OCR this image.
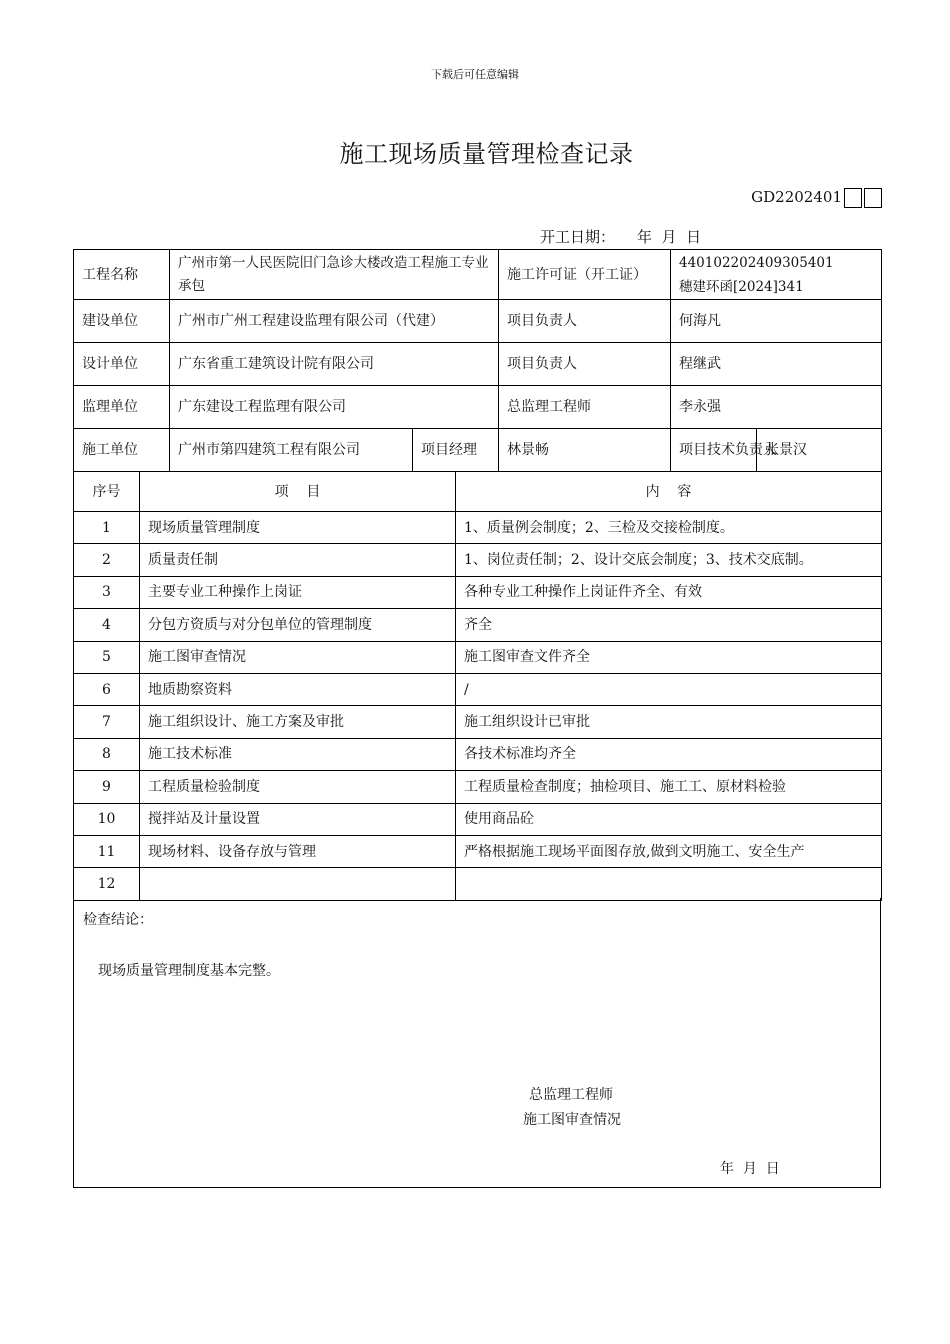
下载后可任意编辑
施工现场质量管理检查记录
GD2202401
开工日期： 年  月  日
工程名称	广州市第一人民医院旧门急诊大楼改造工程施工专业承包		施工许可证（开工证）	440102202409305401
穗建环函[2024]341	

建设单位	广州市广州工程建设监理有限公司（代建）		项目负责人	何海凡	
设计单位	广东省重工建筑设计院有限公司		项目负责人	程继武	
监理单位	广东建设工程监理有限公司		总监理工程师	李永强	
施工单位	广州市第四建筑工程有限公司	项目经理	林景畅	项目技术负责人	张景汉
序号	项    目	内    容
1	现场质量管理制度	1、质量例会制度；2、三检及交接检制度。
2	质量责任制	1、岗位责任制；2、设计交底会制度；3、技术交底制。
3	主要专业工种操作上岗证	各种专业工种操作上岗证件齐全、有效
4	分包方资质与对分包单位的管理制度	齐全
5	施工图审查情况	施工图审查文件齐全
6	地质勘察资料	/
7	施工组织设计、施工方案及审批	施工组织设计已审批
8	施工技术标准	各技术标准均齐全
9	工程质量检验制度	工程质量检查制度；抽检项目、施工工、原材料检验
10	搅拌站及计量设置	使用商品砼
11	现场材料、设备存放与管理	严格根据施工现场平面图存放,做到文明施工、安全生产
12		
检查结论：
现场质量管理制度基本完整。
总监理工程师
施工图审查情况
年  月  日
